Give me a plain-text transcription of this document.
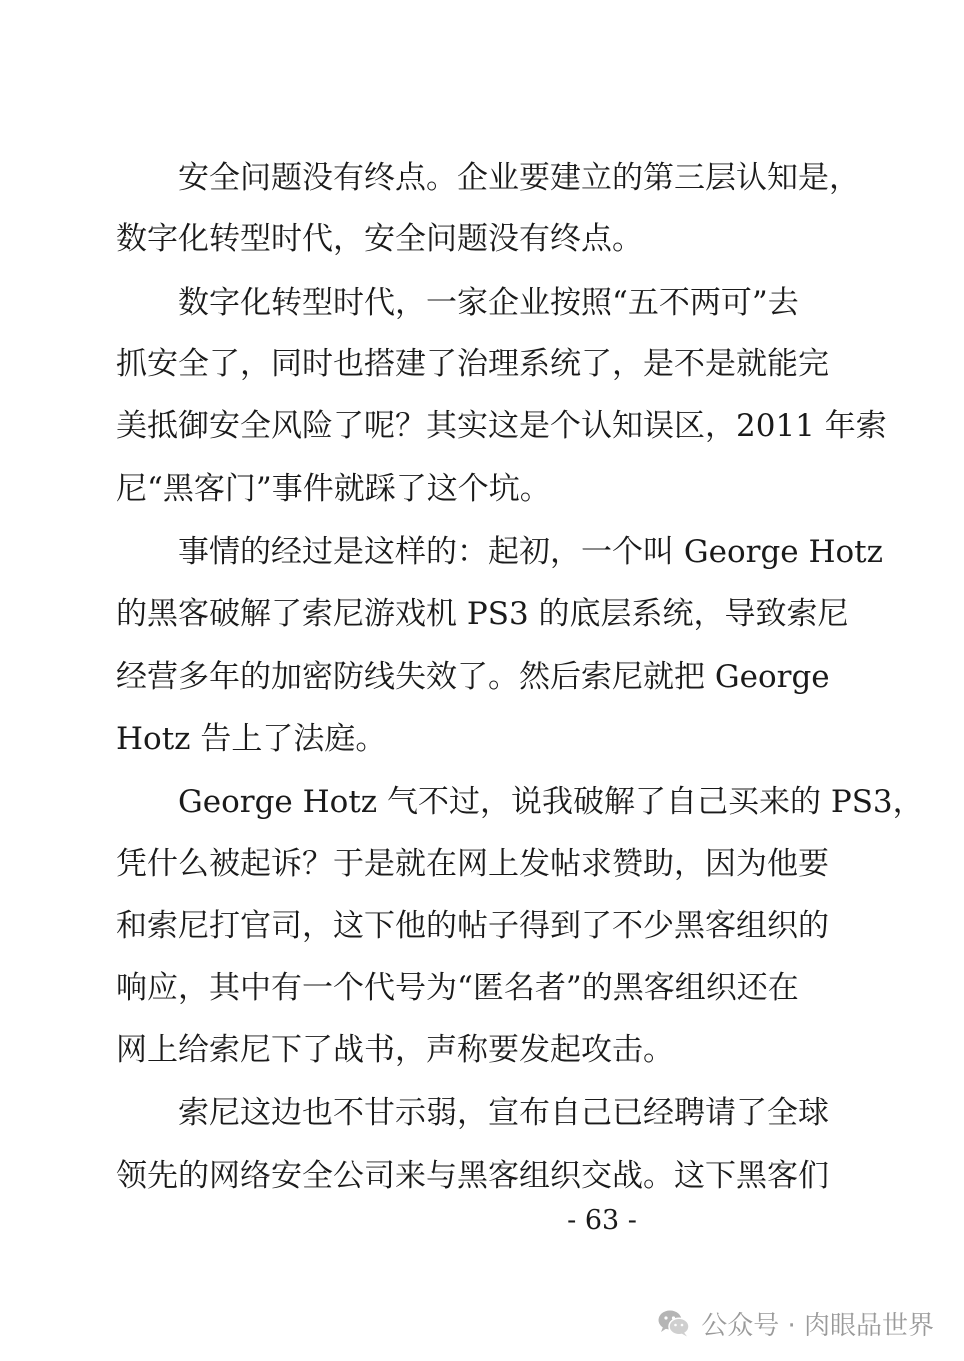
安全问题没有终点。企业要建立的第三层认知是，
数字化转型时代，安全问题没有终点。
数字化转型时代，一家企业按照“五不两可”去
抓安全了，同时也搭建了治理系统了，是不是就能完
美抵御安全风险了呢？其实这是个认知误区，2011 年索
尼“黑客门”事件就踩了这个坑。
事情的经过是这样的：起初，一个叫 George Hotz
的黑客破解了索尼游戏机 PS3 的底层系统，导致索尼
经营多年的加密防线失效了。然后索尼就把 George
Hotz 告上了法庭。
George Hotz 气不过，说我破解了自己买来的 PS3，
凭什么被起诉？于是就在网上发帖求赞助，因为他要
和索尼打官司，这下他的帖子得到了不少黑客组织的
响应，其中有一个代号为“匿名者”的黑客组织还在
网上给索尼下了战书，声称要发起攻击。
索尼这边也不甘示弱，宣布自己已经聘请了全球
领先的网络安全公司来与黑客组织交战。这下黑客们
- 63 -
公众号 · 肉眼品世界
